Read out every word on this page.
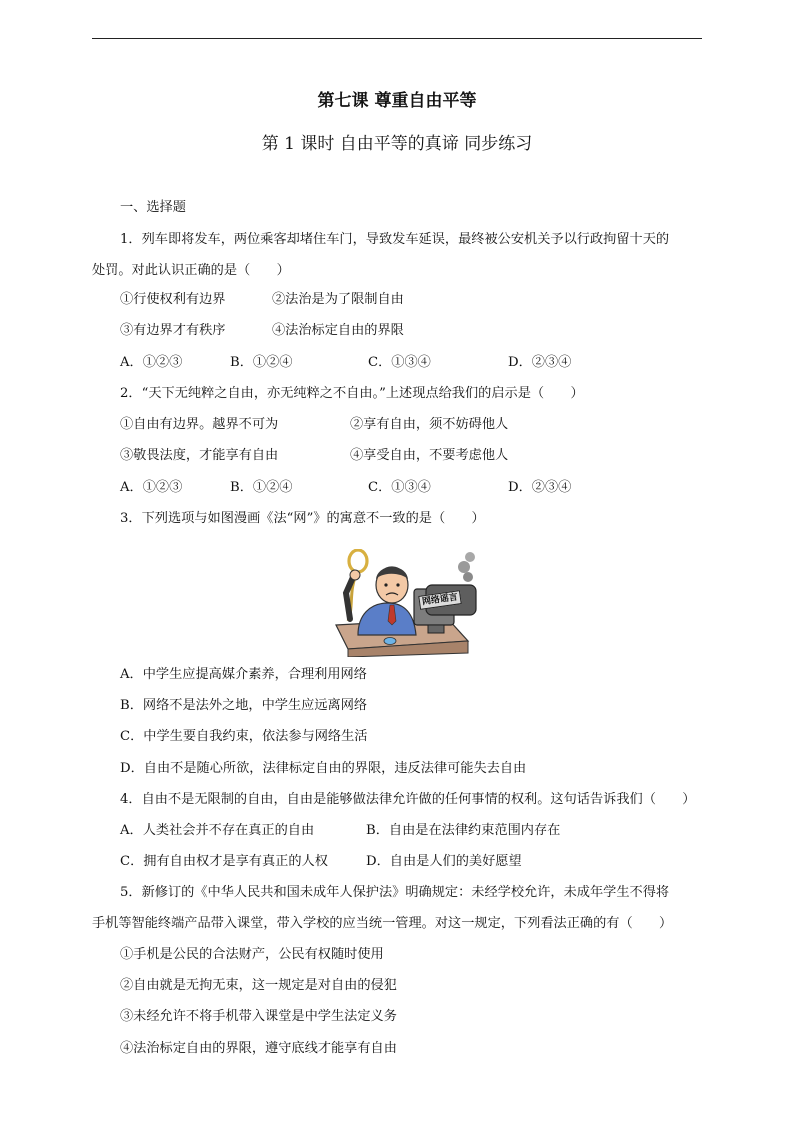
第七课 尊重自由平等
第 1 课时 自由平等的真谛 同步练习
一、选择题
1．列车即将发车，两位乘客却堵住车门，导致发车延误，最终被公安机关予以行政拘留十天的
处罚。对此认识正确的是（　　）
①行使权利有边界	②法治是为了限制自由
③有边界才有秩序	④法治标定自由的界限
A．①②③	B．①②④	C．①③④	D．②③④
2．“天下无纯粹之自由，亦无纯粹之不自由。”上述现点给我们的启示是（　　）
①自由有边界。越界不可为	②享有自由，须不妨碍他人
③敬畏法度，才能享有自由	④享受自由，不要考虑他人
A．①②③	B．①②④	C．①③④	D．②③④
3．下列选项与如图漫画《法“网”》的寓意不一致的是（　　）
网络谣言
A．中学生应提高媒介素养，合理利用网络
B．网络不是法外之地，中学生应远离网络
C．中学生要自我约束，依法参与网络生活
D．自由不是随心所欲，法律标定自由的界限，违反法律可能失去自由
4．自由不是无限制的自由，自由是能够做法律允许做的任何事情的权利。这句话告诉我们（　　）
A．人类社会并不存在真正的自由	B．自由是在法律约束范围内存在
C．拥有自由权才是享有真正的人权	D．自由是人们的美好愿望
5．新修订的《中华人民共和国未成年人保护法》明确规定：未经学校允许，未成年学生不得将
手机等智能终端产品带入课堂，带入学校的应当统一管理。对这一规定，下列看法正确的有（　　）
①手机是公民的合法财产，公民有权随时使用
②自由就是无拘无束，这一规定是对自由的侵犯
③未经允许不将手机带入课堂是中学生法定义务
④法治标定自由的界限，遵守底线才能享有自由
